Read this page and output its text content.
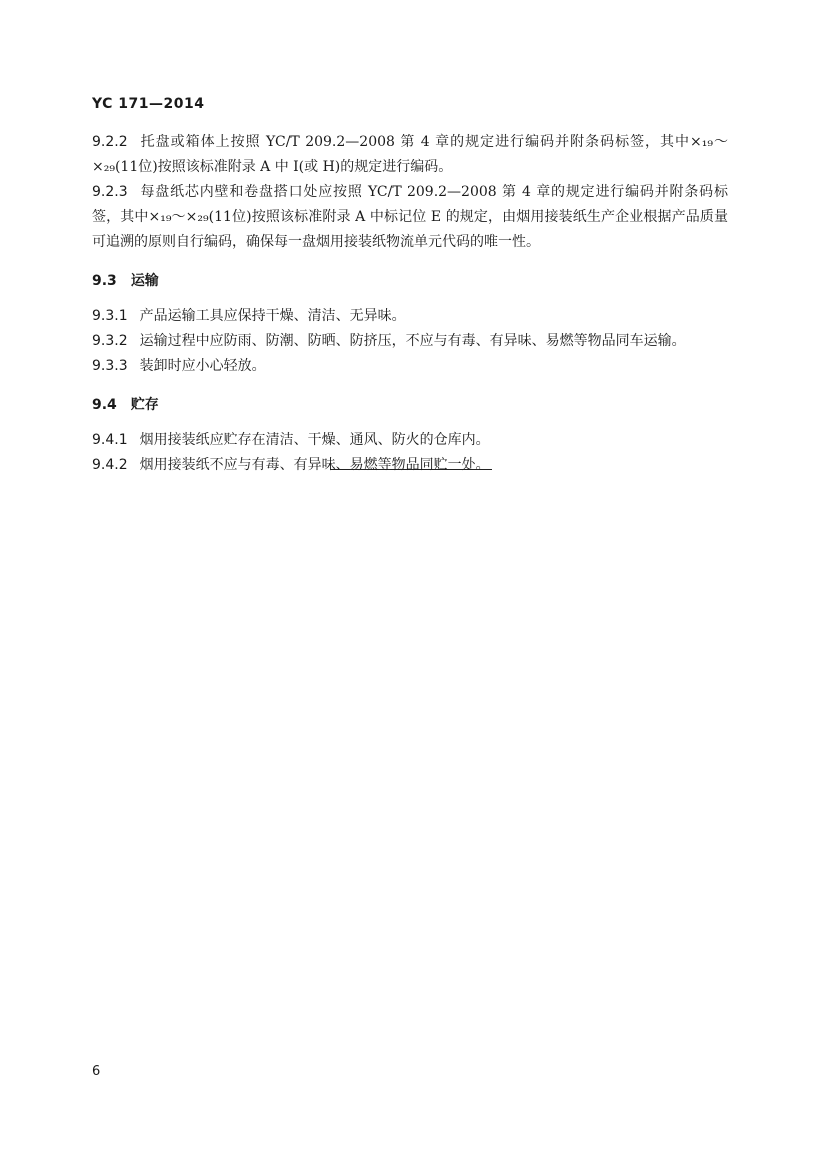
YC 171—2014

9.2.2 托盘或箱体上按照 YC/T 209.2—2008 第 4 章的规定进行编码并附条码标签，其中×₁₉～×₂₉(11位)按照该标准附录 A 中 I(或 H)的规定进行编码。

9.2.3 每盘纸芯内壁和卷盘搭口处应按照 YC/T 209.2—2008 第 4 章的规定进行编码并附条码标签，其中×₁₉～×₂₉(11位)按照该标准附录 A 中标记位 E 的规定，由烟用接装纸生产企业根据产品质量可追溯的原则自行编码，确保每一盘烟用接装纸物流单元代码的唯一性。

9.3 运输

9.3.1 产品运输工具应保持干燥、清洁、无异味。

9.3.2 运输过程中应防雨、防潮、防晒、防挤压，不应与有毒、有异味、易燃等物品同车运输。

9.3.3 装卸时应小心轻放。

9.4 贮存

9.4.1 烟用接装纸应贮存在清洁、干燥、通风、防火的仓库内。

9.4.2 烟用接装纸不应与有毒、有异味、易燃等物品同贮一处。

6
